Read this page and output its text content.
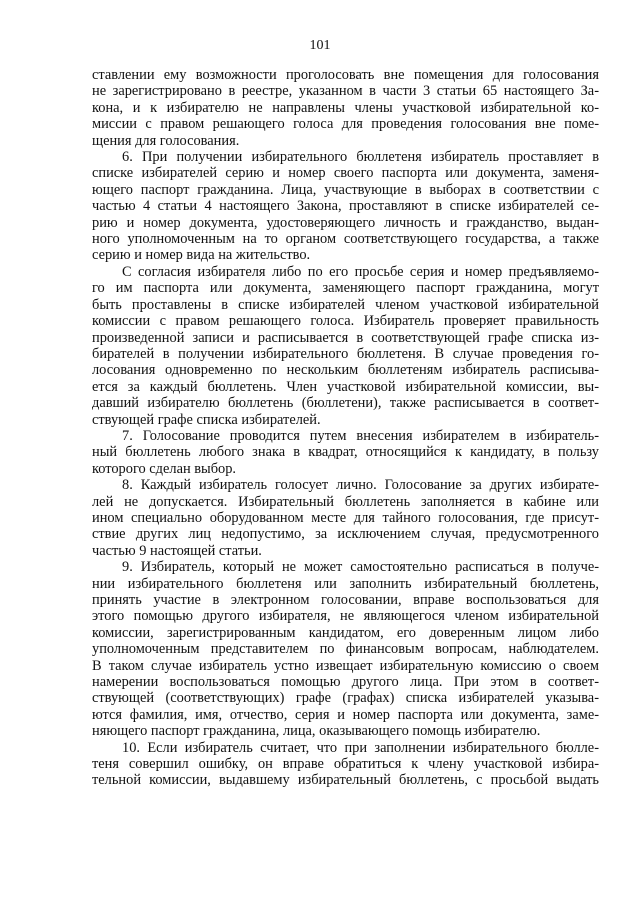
101

ставлении ему возможности проголосовать вне помещения для голосования

не зарегистрировано в реестре, указанном в части 3 статьи 65 настоящего За-

кона, и к избирателю не направлены члены участковой избирательной ко-

миссии с правом решающего голоса для проведения голосования вне поме-

щения для голосования.

6. При получении избирательного бюллетеня избиратель проставляет в

списке избирателей серию и номер своего паспорта или документа, заменя-

ющего паспорт гражданина. Лица, участвующие в выборах в соответствии с

частью 4 статьи 4 настоящего Закона, проставляют в списке избирателей се-

рию и номер документа, удостоверяющего личность и гражданство, выдан-

ного уполномоченным на то органом соответствующего государства, а также

серию и номер вида на жительство.

С согласия избирателя либо по его просьбе серия и номер предъявляемо-

го им паспорта или документа, заменяющего паспорт гражданина, могут

быть проставлены в списке избирателей членом участковой избирательной

комиссии с правом решающего голоса. Избиратель проверяет правильность

произведенной записи и расписывается в соответствующей графе списка из-

бирателей в получении избирательного бюллетеня. В случае проведения го-

лосования одновременно по нескольким бюллетеням избиратель расписыва-

ется за каждый бюллетень. Член участковой избирательной комиссии, вы-

давший избирателю бюллетень (бюллетени), также расписывается в соответ-

ствующей графе списка избирателей.

7. Голосование проводится путем внесения избирателем в избиратель-

ный бюллетень любого знака в квадрат, относящийся к кандидату, в пользу

которого сделан выбор.

8. Каждый избиратель голосует лично. Голосование за других избирате-

лей не допускается. Избирательный бюллетень заполняется в кабине или

ином специально оборудованном месте для тайного голосования, где присут-

ствие других лиц недопустимо, за исключением случая, предусмотренного

частью 9 настоящей статьи.

9. Избиратель, который не может самостоятельно расписаться в получе-

нии избирательного бюллетеня или заполнить избирательный бюллетень,

принять участие в электронном голосовании, вправе воспользоваться для

этого помощью другого избирателя, не являющегося членом избирательной

комиссии, зарегистрированным кандидатом, его доверенным лицом либо

уполномоченным представителем по финансовым вопросам, наблюдателем.

В таком случае избиратель устно извещает избирательную комиссию о своем

намерении воспользоваться помощью другого лица. При этом в соответ-

ствующей (соответствующих) графе (графах) списка избирателей указыва-

ются фамилия, имя, отчество, серия и номер паспорта или документа, заме-

няющего паспорт гражданина, лица, оказывающего помощь избирателю.

10. Если избиратель считает, что при заполнении избирательного бюлле-

теня совершил ошибку, он вправе обратиться к члену участковой избира-

тельной комиссии, выдавшему избирательный бюллетень, с просьбой выдать
